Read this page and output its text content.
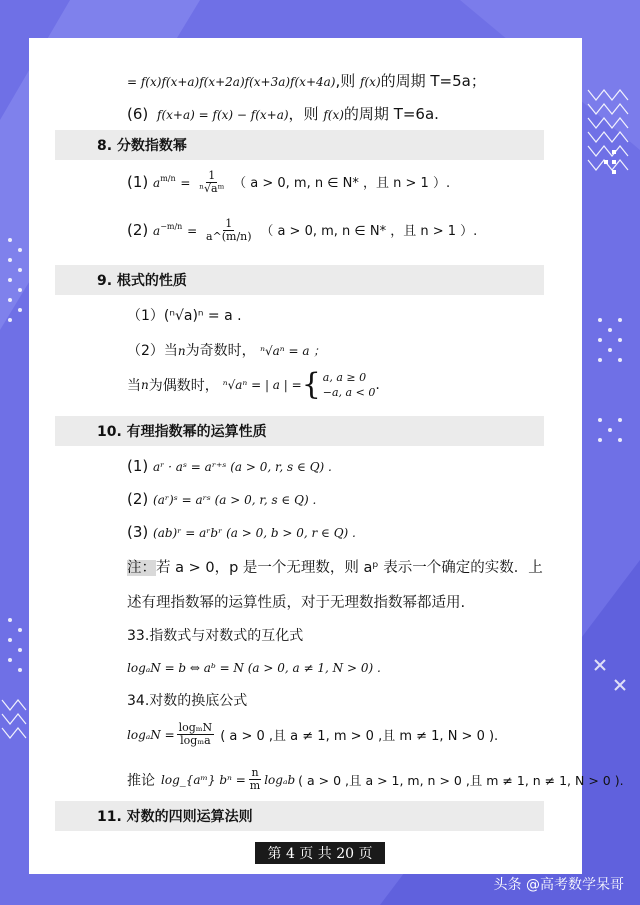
= f(x)f(x+a)f(x+2a)f(x+3a)f(x+4a),则 f(x)的周期 T=5a；
(6) f(x+a) = f(x) − f(x+a)，则 f(x)的周期 T=6a.
8. 分数指数幂
(1) $a^{m/n} = \frac{1}{\text{ⁿ√aᵐ}}$ （ a > 0, m, n ∈ N* ，且 n > 1 ）.
(2) $a^{-m/n} = \frac{1}{a\^{}(m/n)}$ （ a > 0, m, n ∈ N* ，且 n > 1 ）.
9. 根式的性质
（1）(ⁿ√a)ⁿ = a .
（2）当n为奇数时， ⁿ√aⁿ = a ；
当 n 为偶数时， ⁿ√aⁿ = | a | = { a, a ≥ 0
−a, a < 0 .
10. 有理指数幂的运算性质
(1) aʳ · aˢ = aʳ⁺ˢ (a > 0, r, s ∈ Q) .
(2) (aʳ)ˢ = aʳˢ (a > 0, r, s ∈ Q) .
(3) (ab)ʳ = aʳbʳ (a > 0, b > 0, r ∈ Q) .
注：若 a > 0，p 是一个无理数，则 aᵖ 表示一个确定的实数．上
述有理指数幂的运算性质，对于无理数指数幂都适用.
33.指数式与对数式的互化式
logₐN = b ⇔ aᵇ = N (a > 0, a ≠ 1, N > 0) .
34.对数的换底公式
$\log_aN = \frac{\text{logₘN}}{\text{logₘa}}$ ( a > 0 ,且 a ≠ 1, m > 0 ,且 m ≠ 1, N > 0 ).
推论 log_{aᵐ} $b^n = \frac{n}{m}$ logₐb ( a > 0 ,且 a > 1, m, n > 0 ,且 m ≠ 1, n ≠ 1, N > 0 ).
11. 对数的四则运算法则
第 4 页 共 20 页
头条 @高考数学呆哥
